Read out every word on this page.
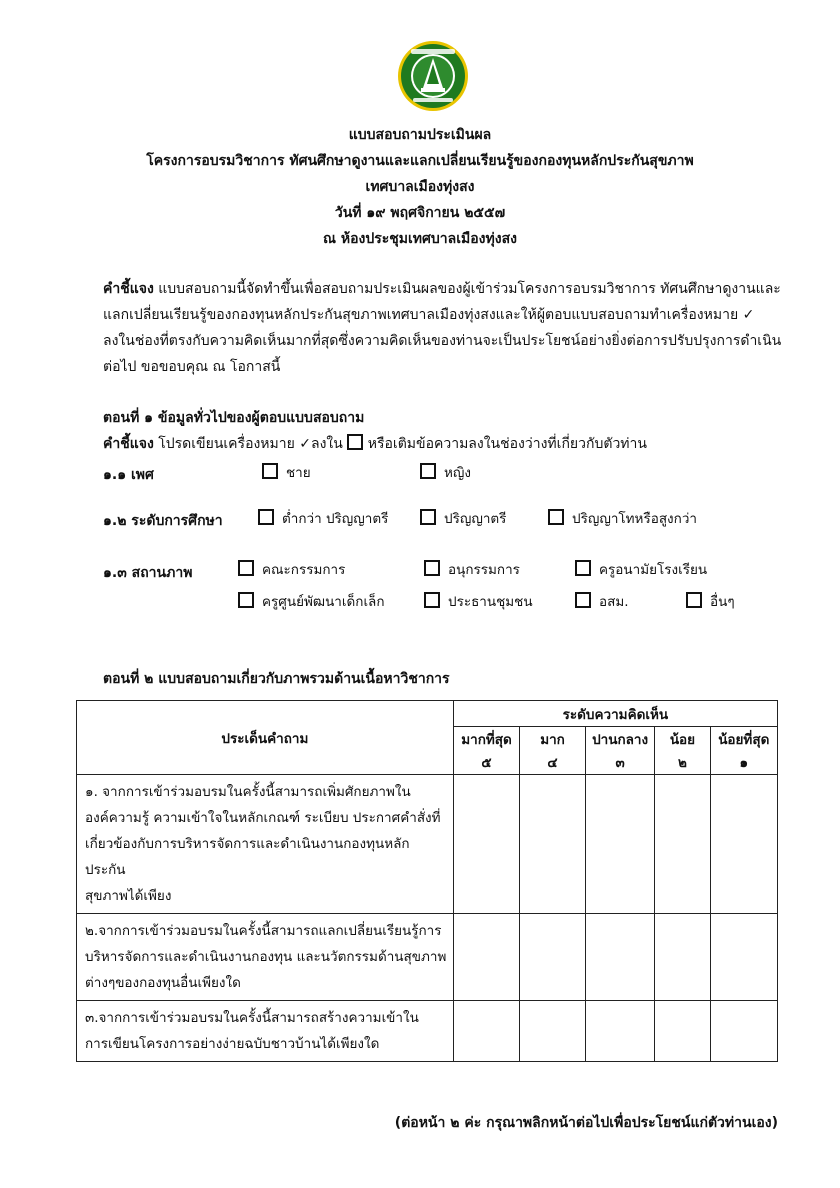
แบบสอบถามประเมินผล
โครงการอบรมวิชาการ ทัศนศึกษาดูงานและแลกเปลี่ยนเรียนรู้ของกองทุนหลักประกันสุขภาพ
เทศบาลเมืองทุ่งสง
วันที่ ๑๙ พฤศจิกายน ๒๕๕๗
ณ ห้องประชุมเทศบาลเมืองทุ่งสง
คำชี้แจง แบบสอบถามนี้จัดทำขึ้นเพื่อสอบถามประเมินผลของผู้เข้าร่วมโครงการอบรมวิชาการ ทัศนศึกษาดูงานและ
แลกเปลี่ยนเรียนรู้ของกองทุนหลักประกันสุขภาพเทศบาลเมืองทุ่งสงและให้ผู้ตอบแบบสอบถามทำเครื่องหมาย ✓
ลงในช่องที่ตรงกับความคิดเห็นมากที่สุดซึ่งความคิดเห็นของท่านจะเป็นประโยชน์อย่างยิ่งต่อการปรับปรุงการดำเนิน
ต่อไป ขอขอบคุณ ณ โอกาสนี้
ตอนที่ ๑ ข้อมูลทั่วไปของผู้ตอบแบบสอบถาม
คำชี้แจง โปรดเขียนเครื่องหมาย ✓ลงใน หรือเติมข้อความลงในช่องว่างที่เกี่ยวกับตัวท่าน
๑.๑ เพศ	ชาย	หญิง
๑.๒ ระดับการศึกษา	ต่ำกว่า ปริญญาตรี	ปริญญาตรี	ปริญญาโทหรือสูงกว่า
๑.๓ สถานภาพ	คณะกรรมการ	อนุกรรมการ	ครูอนามัยโรงเรียน
ครูศูนย์พัฒนาเด็กเล็ก	ประธานชุมชน	อสม.	อื่นๆ
ตอนที่ ๒ แบบสอบถามเกี่ยวกับภาพรวมด้านเนื้อหาวิชาการ
ประเด็นคำถาม	ระดับความคิดเห็น				
	มากที่สุด	มาก	ปานกลาง	น้อย	น้อยที่สุด
	๕	๔	๓	๒	๑

๑. จากการเข้าร่วมอบรมในครั้งนี้สามารถเพิ่มศักยภาพใน
องค์ความรู้ ความเข้าใจในหลักเกณฑ์ ระเบียบ ประกาศคำสั่งที่
เกี่ยวข้องกับการบริหารจัดการและดำเนินงานกองทุนหลักประกัน
สุขภาพได้เพียง					

๒.จากการเข้าร่วมอบรมในครั้งนี้สามารถแลกเปลี่ยนเรียนรู้การ
บริหารจัดการและดำเนินงานกองทุน และนวัตกรรมด้านสุขภาพ
ต่างๆของกองทุนอื่นเพียงใด					

๓.จากการเข้าร่วมอบรมในครั้งนี้สามารถสร้างความเข้าใน
การเขียนโครงการอย่างง่ายฉบับชาวบ้านได้เพียงใด					

(ต่อหน้า ๒ ค่ะ กรุณาพลิกหน้าต่อไปเพื่อประโยชน์แก่ตัวท่านเอง)
